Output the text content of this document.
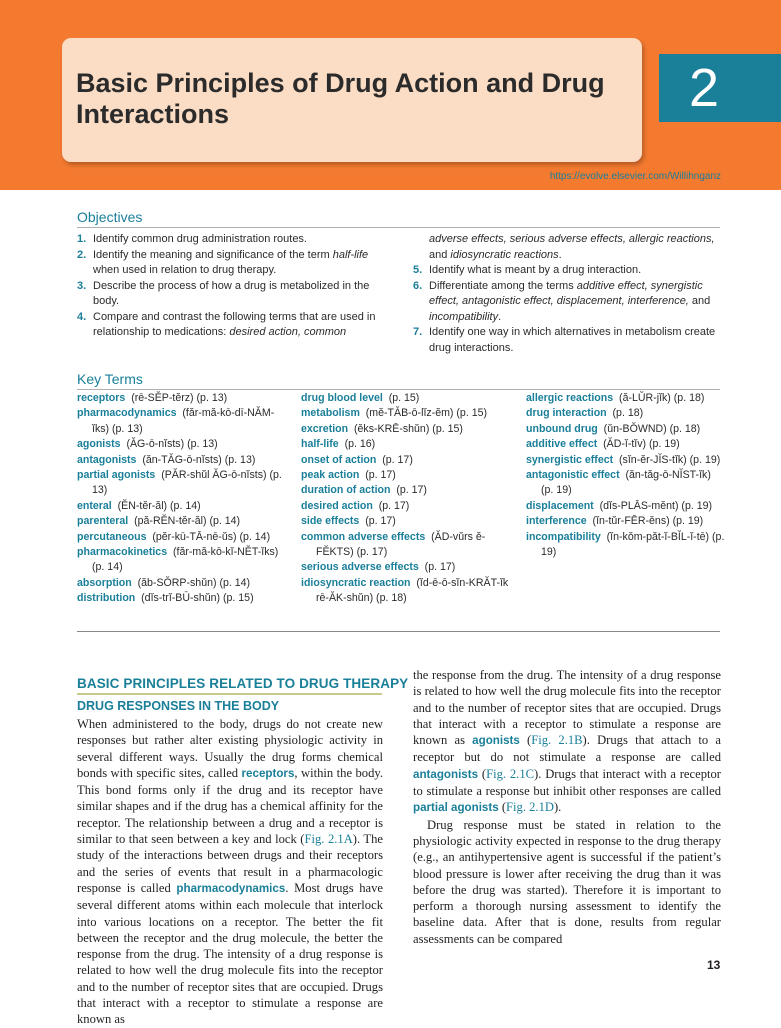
Basic Principles of Drug Action and Drug Interactions	2
https://evolve.elsevier.com/Willihnganz
Objectives
1. Identify common drug administration routes.
2. Identify the meaning and significance of the term half-life when used in relation to drug therapy.
3. Describe the process of how a drug is metabolized in the body.
4. Compare and contrast the following terms that are used in relationship to medications: desired action, common
adverse effects, serious adverse effects, allergic reactions, and idiosyncratic reactions.
5. Identify what is meant by a drug interaction.
6. Differentiate among the terms additive effect, synergistic effect, antagonistic effect, displacement, interference, and incompatibility.
7. Identify one way in which alternatives in metabolism create drug interactions.
Key Terms
receptors (rē-SĔP-tĕrz) (p. 13)
pharmacodynamics (făr-mă-kō-dī-NĂM-ĭks) (p. 13)
agonists (ĂG-ō-nĭsts) (p. 13)
antagonists (ăn-TĂG-ō-nĭsts) (p. 13)
partial agonists (PĂR-shŭl ĂG-ō-nĭsts) (p. 13)
enteral (ĔN-tĕr-ăl) (p. 14)
parenteral (pă-RĔN-tĕr-ăl) (p. 14)
percutaneous (pĕr-kū-TĀ-nē-ŭs) (p. 14)
pharmacokinetics (făr-mă-kō-kĭ-NĔT-ĭks) (p. 14)
absorption (ăb-SŎRP-shŭn) (p. 14)
distribution (dĭs-trĭ-BŪ-shŭn) (p. 15)
drug blood level (p. 15)
metabolism (mĕ-TĂB-ō-lĭz-ĕm) (p. 15)
excretion (ĕks-KRĒ-shŭn) (p. 15)
half-life (p. 16)
onset of action (p. 17)
peak action (p. 17)
duration of action (p. 17)
desired action (p. 17)
side effects (p. 17)
common adverse effects (ĂD-vŭrs ĕ-FĔKTS) (p. 17)
serious adverse effects (p. 17)
idiosyncratic reaction (ĭd-ē-ō-sĭn-KRĂT-ĭk rē-ĂK-shŭn) (p. 18)
allergic reactions (ă-LŬR-jĭk) (p. 18)
drug interaction (p. 18)
unbound drug (ŭn-BŎWND) (p. 18)
additive effect (ĂD-ĭ-tĭv) (p. 19)
synergistic effect (sĭn-ĕr-JĬS-tĭk) (p. 19)
antagonistic effect (ăn-tăg-ō-NĬST-ĭk) (p. 19)
displacement (dĭs-PLĀS-mĕnt) (p. 19)
interference (ĭn-tŭr-FĒR-ĕns) (p. 19)
incompatibility (ĭn-kŏm-păt-ĭ-BĬL-ĭ-tē) (p. 19)
BASIC PRINCIPLES RELATED TO DRUG THERAPY
DRUG RESPONSES IN THE BODY

When administered to the body, drugs do not create new responses but rather alter existing physiologic activity in several different ways. Usually the drug forms chemical bonds with specific sites, called receptors, within the body. This bond forms only if the drug and its receptor have similar shapes and if the drug has a chemical affinity for the receptor. The relationship between a drug and a receptor is similar to that seen between a key and lock (Fig. 2.1A). The study of the interactions between drugs and their receptors and the series of events that result in a pharmacologic response is called pharmacodynamics. Most drugs have several different atoms within each molecule that interlock into various locations on a receptor. The better the fit between the receptor and the drug molecule, the better the response from the drug. The intensity of a drug response is related to how well the drug molecule fits into the receptor and to the number of receptor sites that are occupied. Drugs that interact with a receptor to stimulate a response are known as

the response from the drug. The intensity of a drug response is related to how well the drug molecule fits into the receptor and to the number of receptor sites that are occupied. Drugs that interact with a receptor to stimulate a response are known as agonists (Fig. 2.1B). Drugs that attach to a receptor but do not stimulate a response are called antagonists (Fig. 2.1C). Drugs that interact with a receptor to stimulate a response but inhibit other responses are called partial agonists (Fig. 2.1D).

Drug response must be stated in relation to the physiologic activity expected in response to the drug therapy (e.g., an antihypertensive agent is successful if the patient’s blood pressure is lower after receiving the drug than it was before the drug was started). Therefore it is important to perform a thorough nursing assessment to identify the baseline data. After that is done, results from regular assessments can be compared

13
